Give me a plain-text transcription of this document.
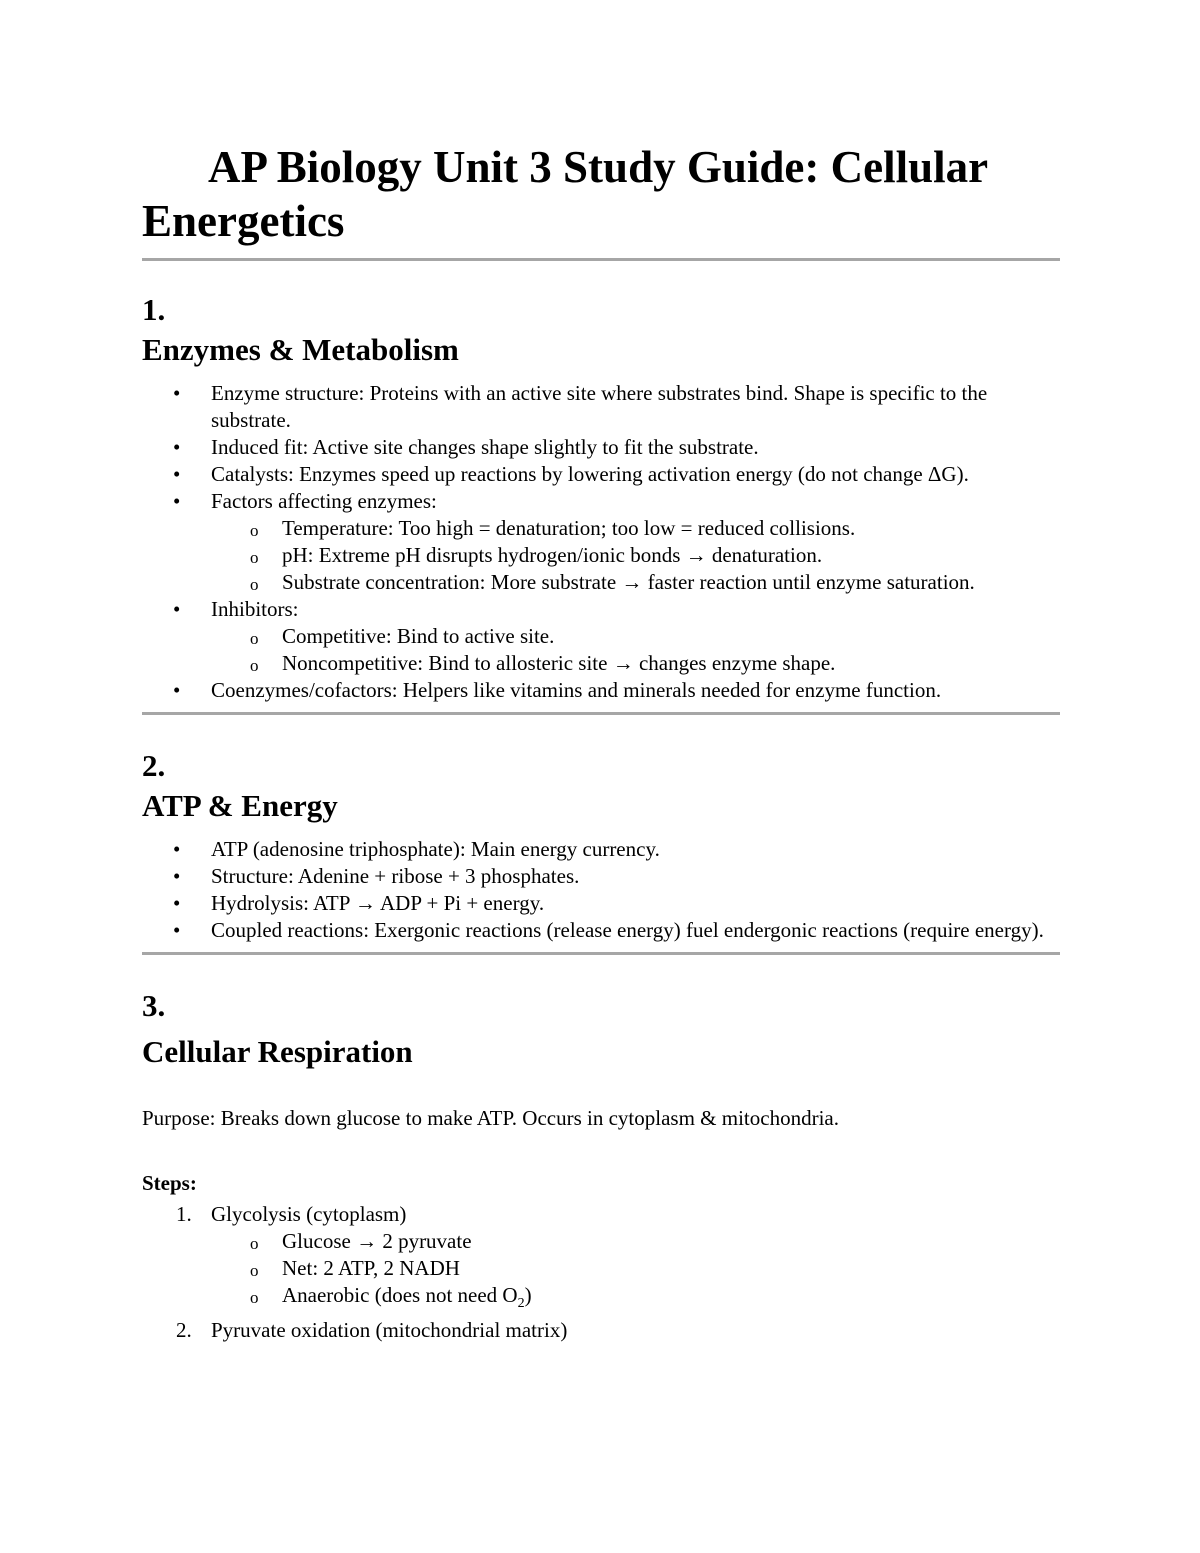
AP Biology Unit 3 Study Guide: Cellular Energetics

1.

Enzymes & Metabolism

• Enzyme structure: Proteins with an active site where substrates bind. Shape is specific to the substrate.
• Induced fit: Active site changes shape slightly to fit the substrate.
• Catalysts: Enzymes speed up reactions by lowering activation energy (do not change ΔG).
• Factors affecting enzymes:
o Temperature: Too high = denaturation; too low = reduced collisions.
o pH: Extreme pH disrupts hydrogen/ionic bonds → denaturation.
o Substrate concentration: More substrate → faster reaction until enzyme saturation.
• Inhibitors:
o Competitive: Bind to active site.
o Noncompetitive: Bind to allosteric site → changes enzyme shape.
• Coenzymes/cofactors: Helpers like vitamins and minerals needed for enzyme function.

2.

ATP & Energy

• ATP (adenosine triphosphate): Main energy currency.
• Structure: Adenine + ribose + 3 phosphates.
• Hydrolysis: ATP → ADP + Pi + energy.
• Coupled reactions: Exergonic reactions (release energy) fuel endergonic reactions (require energy).

3.

Cellular Respiration

Purpose: Breaks down glucose to make ATP. Occurs in cytoplasm & mitochondria.

Steps:

1. Glycolysis (cytoplasm)
o Glucose → 2 pyruvate
o Net: 2 ATP, 2 NADH
o Anaerobic (does not need $O_2$)
2. Pyruvate oxidation (mitochondrial matrix)
